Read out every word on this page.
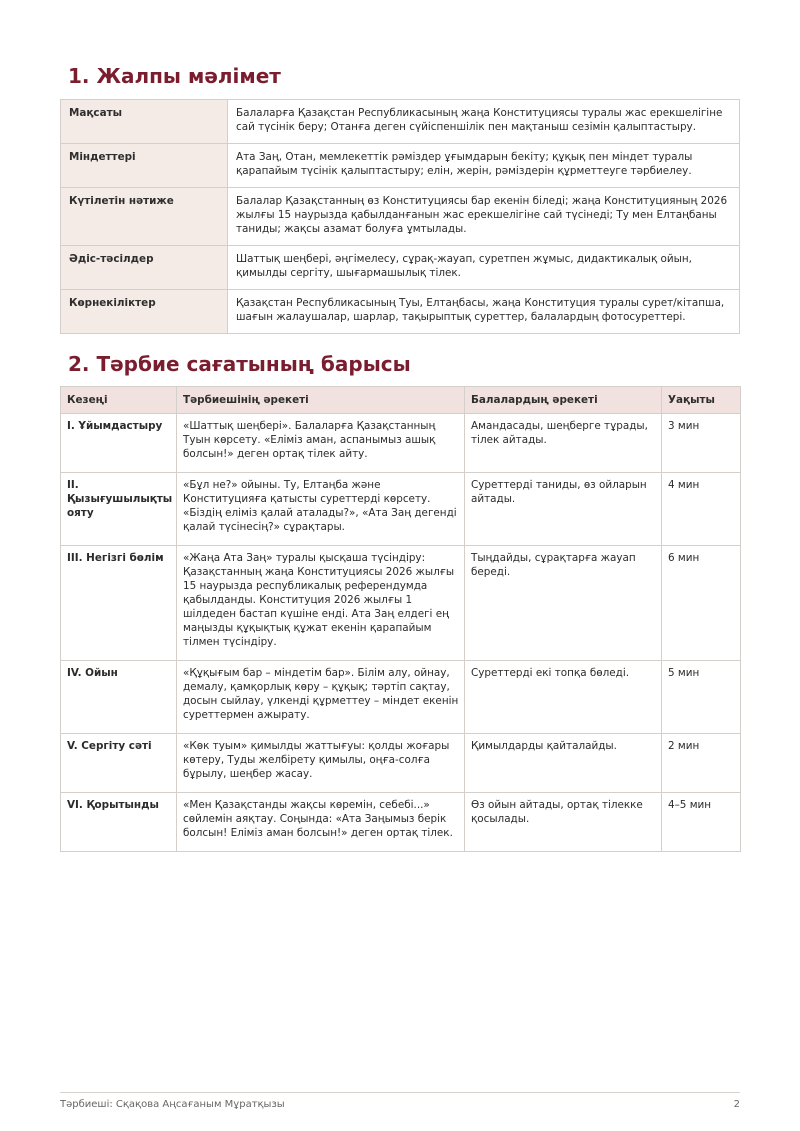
1. Жалпы мәлімет
Мақсаты	Балаларға Қазақстан Республикасының жаңа Конституциясы туралы жас ерекшелігіне сай түсінік беру; Отанға деген сүйіспеншілік пен мақтаныш сезімін қалыптастыру.
Міндеттері	Ата Заң, Отан, мемлекеттік рәміздер ұғымдарын бекіту; құқық пен міндет туралы қарапайым түсінік қалыптастыру; елін, жерін, рәміздерін құрметтеуге тәрбиелеу.
Күтілетін нәтиже	Балалар Қазақстанның өз Конституциясы бар екенін біледі; жаңа Конституцияның 2026 жылғы 15 наурызда қабылданғанын жас ерекшелігіне сай түсінеді; Ту мен Елтаңбаны таниды; жақсы азамат болуға ұмтылады.
Әдіс-тәсілдер	Шаттық шеңбері, әңгімелесу, сұрақ-жауап, суретпен жұмыс, дидактикалық ойын, қимылды сергіту, шығармашылық тілек.
Көрнекіліктер	Қазақстан Республикасының Туы, Елтаңбасы, жаңа Конституция туралы сурет/кітапша, шағын жалаушалар, шарлар, тақырыптық суреттер, балалардың фотосуреттері.
2. Тәрбие сағатының барысы
Кезеңі	Тәрбиешінің әрекеті	Балалардың әрекеті	Уақыты
I. Ұйымдастыру	«Шаттық шеңбері». Балаларға Қазақстанның Туын көрсету. «Еліміз аман, аспанымыз ашық болсын!» деген ортақ тілек айту.	Амандасады, шеңберге тұрады, тілек айтады.	3 мин
II. Қызығушылықты ояту	«Бұл не?» ойыны. Ту, Елтаңба және Конституцияға қатысты суреттерді көрсету. «Біздің еліміз қалай аталады?», «Ата Заң дегенді қалай түсінесің?» сұрақтары.	Суреттерді таниды, өз ойларын айтады.	4 мин
III. Негізгі бөлім	«Жаңа Ата Заң» туралы қысқаша түсіндіру: Қазақстанның жаңа Конституциясы 2026 жылғы 15 наурызда республикалық референдумда қабылданды. Конституция 2026 жылғы 1 шілдеден бастап күшіне енді. Ата Заң елдегі ең маңызды құқықтық құжат екенін қарапайым тілмен түсіндіру.	Тыңдайды, сұрақтарға жауап береді.	6 мин
IV. Ойын	«Құқығым бар – міндетім бар». Білім алу, ойнау, демалу, қамқорлық көру – құқық; тәртіп сақтау, досын сыйлау, үлкенді құрметтеу – міндет екенін суреттермен ажырату.	Суреттерді екі топқа бөледі.	5 мин
V. Сергіту сәті	«Көк туым» қимылды жаттығуы: қолды жоғары көтеру, Туды желбірету қимылы, оңға-солға бұрылу, шеңбер жасау.	Қимылдарды қайталайды.	2 мин
VI. Қорытынды	«Мен Қазақстанды жақсы көремін, себебі...» сөйлемін аяқтау. Соңында: «Ата Заңымыз берік болсын! Еліміз аман болсын!» деген ортақ тілек.	Өз ойын айтады, ортақ тілекке қосылады.	4–5 мин
Тәрбиеші: Сқақова Аңсағаным Мұратқызы	2
